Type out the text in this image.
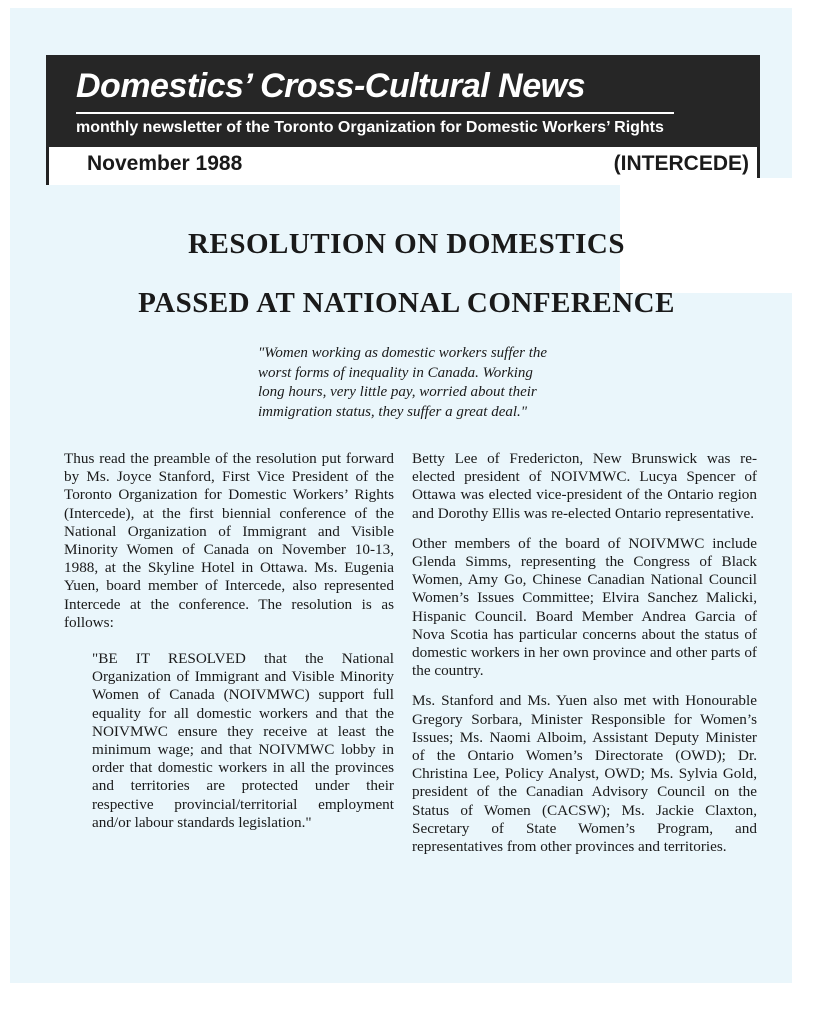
Domestics’ Cross-Cultural News
monthly newsletter of the Toronto Organization for Domestic Workers’ Rights
November 1988	(INTERCEDE)
RESOLUTION ON DOMESTICS
PASSED AT NATIONAL CONFERENCE
"Women working as domestic workers suffer the worst forms of inequality in Canada. Working long hours, very little pay, worried about their immigration status, they suffer a great deal."

Thus read the preamble of the resolution put forward by Ms. Joyce Stanford, First Vice President of the Toronto Organization for Domestic Workers’ Rights (Intercede), at the first biennial conference of the National Organization of Immigrant and Visible Minority Women of Canada on November 10-13, 1988, at the Skyline Hotel in Ottawa. Ms. Eugenia Yuen, board member of Intercede, also represented Intercede at the conference. The resolution is as follows:

"BE IT RESOLVED that the National Organization of Immigrant and Visible Minority Women of Canada (NOIVMWC) support full equality for all domestic workers and that the NOIVMWC ensure they receive at least the minimum wage; and that NOIVMWC lobby in order that domestic workers in all the provinces and territories are protected under their respective provincial/territorial employment and/or labour standards legislation."

Betty Lee of Fredericton, New Brunswick was re-elected president of NOIVMWC. Lucya Spencer of Ottawa was elected vice-president of the Ontario region and Dorothy Ellis was re-elected Ontario representative.

Other members of the board of NOIVMWC include Glenda Simms, representing the Congress of Black Women, Amy Go, Chinese Canadian National Council Women’s Issues Committee; Elvira Sanchez Malicki, Hispanic Council. Board Member Andrea Garcia of Nova Scotia has particular concerns about the status of domestic workers in her own province and other parts of the country.

Ms. Stanford and Ms. Yuen also met with Honourable Gregory Sorbara, Minister Responsible for Women’s Issues; Ms. Naomi Alboim, Assistant Deputy Minister of the Ontario Women’s Directorate (OWD); Dr. Christina Lee, Policy Analyst, OWD; Ms. Sylvia Gold, president of the Canadian Advisory Council on the Status of Women (CACSW); Ms. Jackie Claxton, Secretary of State Women’s Program, and representatives from other provinces and territories.
